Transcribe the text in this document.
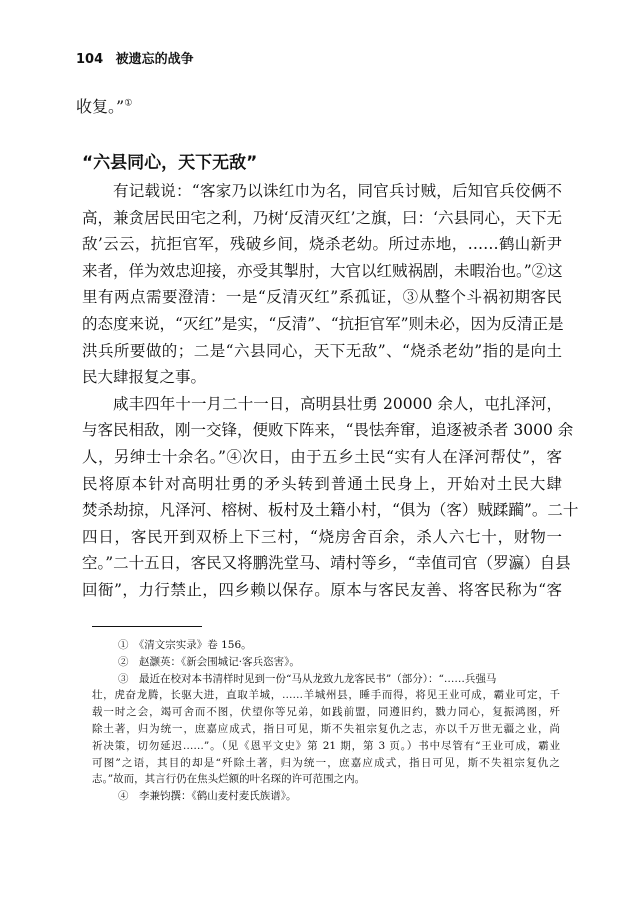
104 被遗忘的战争
收复。”①
“六县同心，天下无敌”
有记载说：“客家乃以诛红巾为名，同官兵讨贼，后知官兵佼俩不
高，兼贪居民田宅之利，乃树‘反清灭红’之旗，曰：‘六县同心，天下无
敌’云云，抗拒官军，残破乡间，烧杀老幼。所过赤地，……鹤山新尹
来者，佯为效忠迎接，亦受其掣肘，大官以红贼祸剧，未暇治也。”②这
里有两点需要澄清：一是“反清灭红”系孤证，③从整个斗祸初期客民
的态度来说，“灭红”是实，“反清”、“抗拒官军”则未必，因为反清正是
洪兵所要做的；二是“六县同心，天下无敌”、“烧杀老幼”指的是向土
民大肆报复之事。
咸丰四年十一月二十一日，高明县壮勇 20000 余人，屯扎泽河，
与客民相敌，刚一交锋，便败下阵来，“畏怯奔窜，追逐被杀者 3000 余
人，另绅士十余名。”④次日，由于五乡土民“实有人在泽河帮仗”，客
民将原本针对高明壮勇的矛头转到普通土民身上，开始对土民大肆
焚杀劫掠，凡泽河、榕树、板村及土籍小村，“俱为（客）贼蹂躏”。二十
四日，客民开到双桥上下三村，“烧房舍百余，杀人六七十，财物一
空。”二十五日，客民又将鹏洗堂马、靖村等乡，“幸值司官（罗瀛）自县
回衙”，力行禁止，四乡赖以保存。原本与客民友善、将客民称为“客
①　 《清文宗实录》卷 156。
②　 赵灏英：《新会围城记·客兵恣害》。
③　 最近在校对本书清样时见到一份“马从龙致九龙客民书”（部分）：“……兵强马
壮，虎奋龙腾，长驱大进，直取羊城，……羊城州县，睡手而得，将见王业可成，霸业可定，千
载一时之会，竭可舍而不图，伏望你等兄弟，如践前盟，同遵旧约，戮力同心，复振鸿图，歼
除土著，归为统一，庶嘉应成式，指日可见，斯不失祖宗复仇之志，亦以千万世无疆之业，尚
祈决策，切勿延迟……”。（见《恩平文史》第 21 期，第 3 页。）书中尽管有“王业可成，霸业
可图”之语，其目的却是“歼除土著，归为统一，庶嘉应成式，指日可见，斯不失祖宗复仇之
志。”故而，其言行仍在焦头烂额的叶名琛的许可范围之内。
④　 李兼钧撰：《鹤山麦村麦氏族谱》。
